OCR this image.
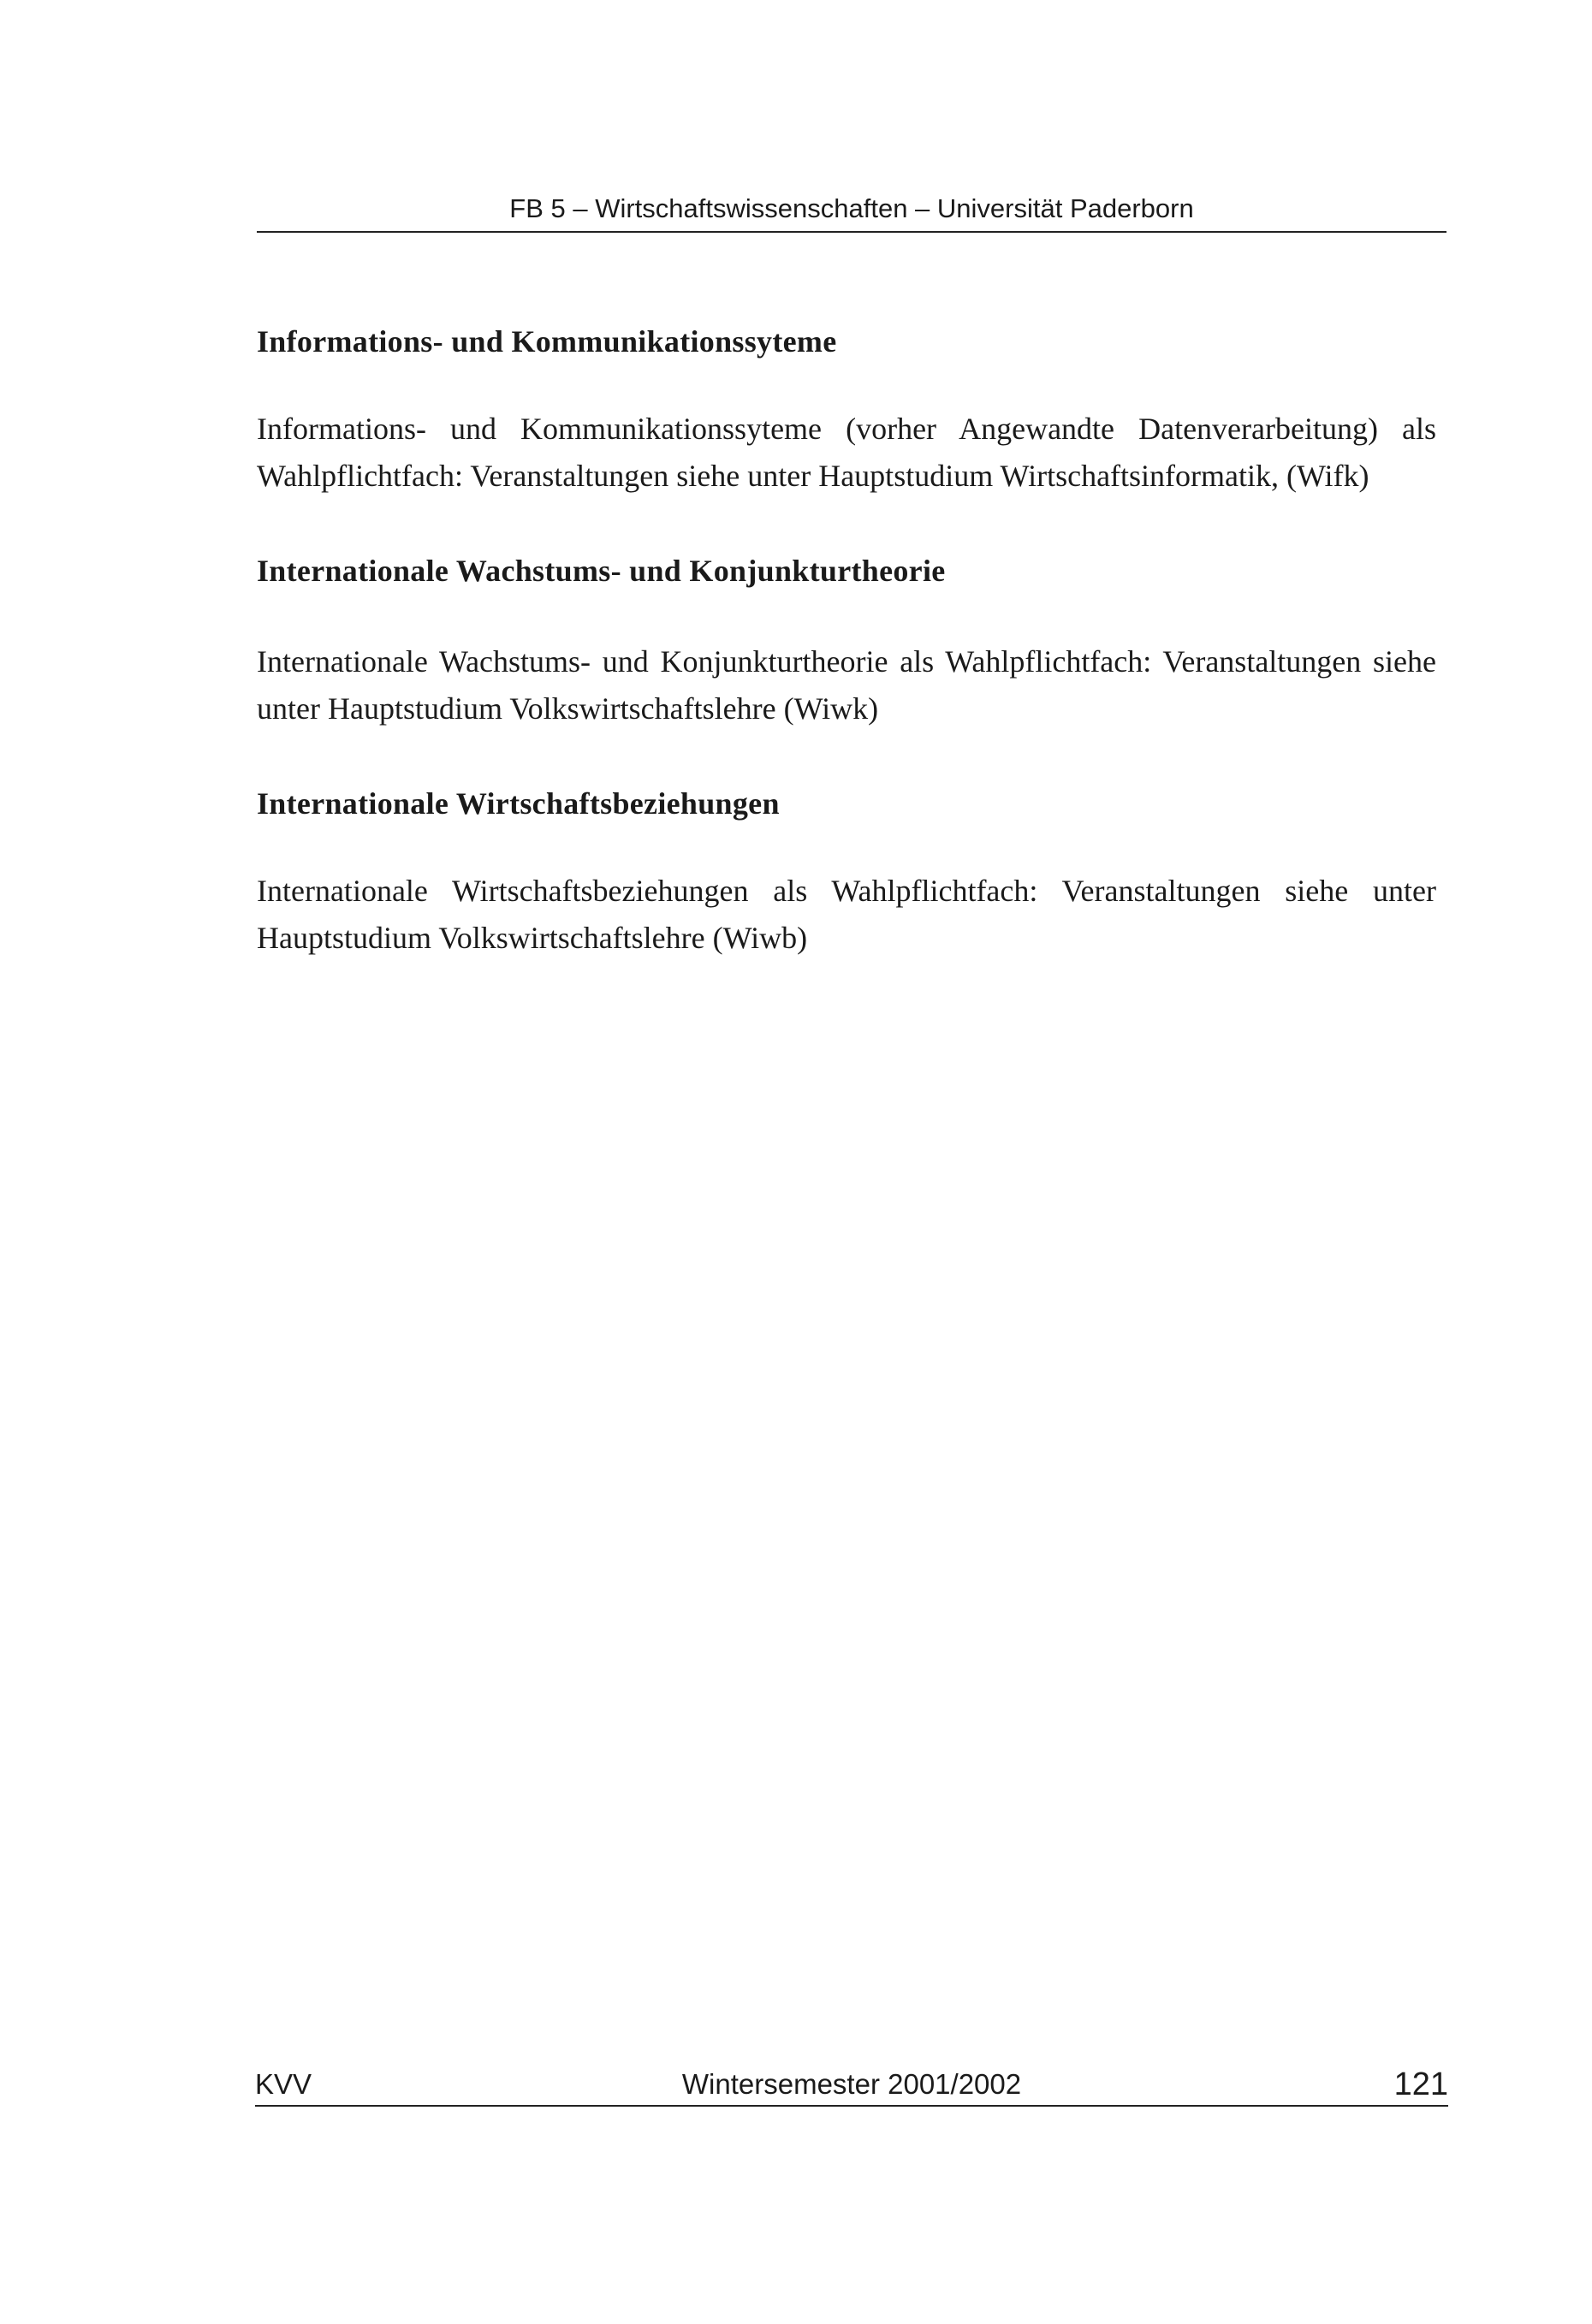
FB 5 – Wirtschaftswissenschaften – Universität Paderborn
Informations- und Kommunikationssyteme

Informations- und Kommunikationssyteme (vorher Angewandte Datenverarbeitung) als Wahlpflichtfach: Veranstaltungen siehe unter Hauptstudium Wirtschaftsinformatik, (Wifk)

Internationale Wachstums- und Konjunkturtheorie

Internationale Wachstums- und Konjunkturtheorie als Wahlpflichtfach: Veranstaltungen siehe unter Hauptstudium Volkswirtschaftslehre (Wiwk)

Internationale Wirtschaftsbeziehungen

Internationale Wirtschaftsbeziehungen als Wahlpflichtfach: Veranstaltungen siehe unter Hauptstudium Volkswirtschaftslehre (Wiwb)

KVV	Wintersemester 2001/2002	121
